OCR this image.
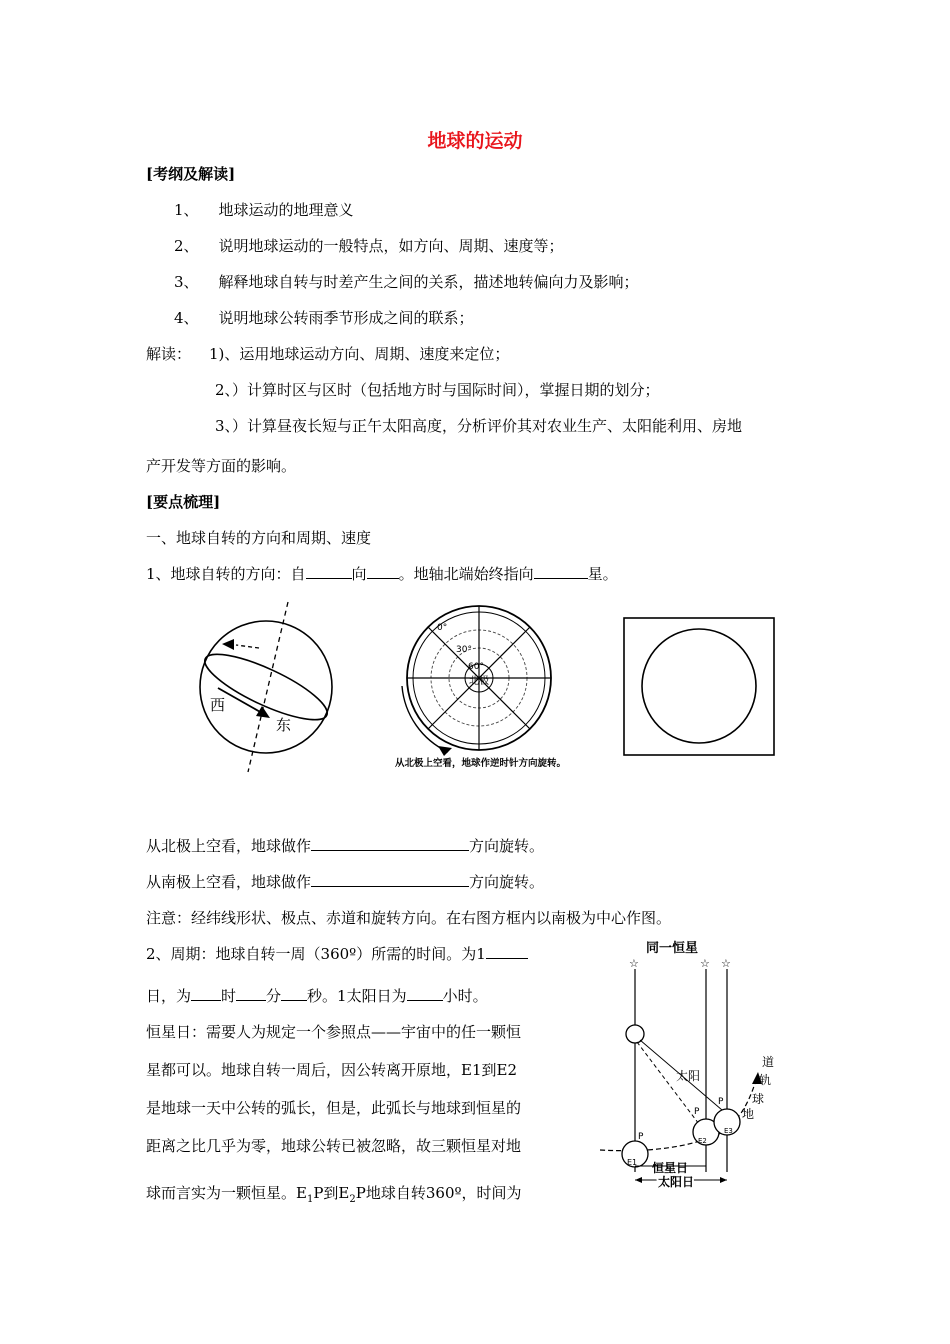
地球的运动
[考纲及解读]
1、 地球运动的地理意义
2、 说明地球运动的一般特点，如方向、周期、速度等；
3、 解释地球自转与时差产生之间的关系，描述地转偏向力及影响；
4、 说明地球公转雨季节形成之间的联系；
解读： 1)、运用地球运动方向、周期、速度来定位；
2、）计算时区与区时（包括地方时与国际时间），掌握日期的划分；
3、）计算昼夜长短与正午太阳高度，分析评价其对农业生产、太阳能利用、房地
产开发等方面的影响。
[要点梳理]
一、地球自转的方向和周期、速度
1、地球自转的方向：自	向 。地轴北端始终指向	星。
西
东
0°
30°
60°
北极
从北极上空看，地球作逆时针方向旋转。
从北极上空看，地球做作	方向旋转。
从南极上空看，地球做作	方向旋转。
注意：经纬线形状、极点、赤道和旋转方向。在右图方框内以南极为中心作图。
2、周期：地球自转一周（360º）所需的时间。为1
日，为 时 分 秒。1太阳日为 小时。
恒星日：需要人为规定一个参照点——宇宙中的任一颗恒
星都可以。地球自转一周后，因公转离开原地，E1到E2
是地球一天中公转的弧长，但是，此弧长与地球到恒星的
距离之比几乎为零，地球公转已被忽略，故三颗恒星对地
球而言实为一颗恒星。$E_1P$到$E_2P$地球自转360º，时间为
同一恒星
☆	☆ ☆
太阳
道
轨
球
地
P
P
P
E1
E2
E3
恒星日
太阳日
